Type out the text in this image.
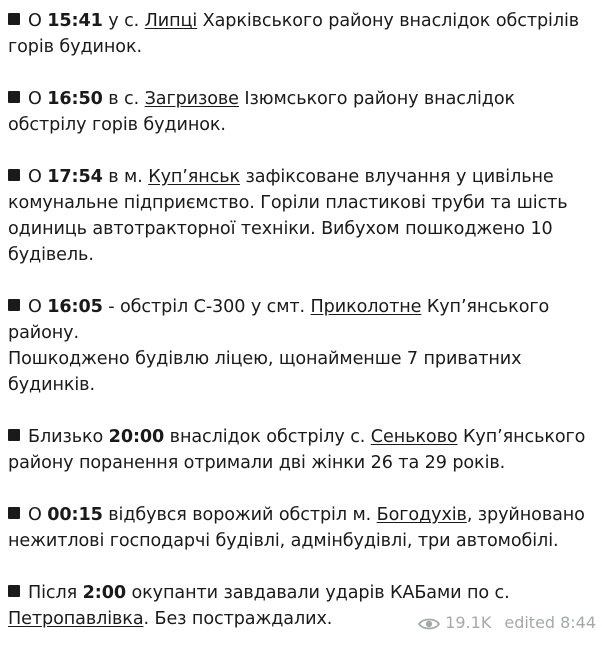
О 15:41 у с. Липці Харківського району внаслідок обстрілів горів будинок.

О 16:50 в с. Загризове Ізюмського району внаслідок обстрілу горів будинок.

О 17:54 в м. Куп’янськ зафіксоване влучання у цивільне комунальне підприємство. Горіли пластикові труби та шість одиниць автотракторної техніки. Вибухом пошкоджено 10 будівель.

О 16:05 - обстріл С-300 у смт. Приколотне Куп’янського району.
Пошкоджено будівлю ліцею, щонайменше 7 приватних будинків.

Близько 20:00 внаслідок обстрілу с. Сеньково Куп’янського району поранення отримали дві жінки 26 та 29 років.

О 00:15 відбувся ворожий обстріл м. Богодухів, зруйновано нежитлові господарчі будівлі, адмінбудівлі, три автомобілі.

Після 2:00 окупанти завдавали ударів КАБами по с. Петропавлівка. Без постраждалих.	19.1K edited 8:44
